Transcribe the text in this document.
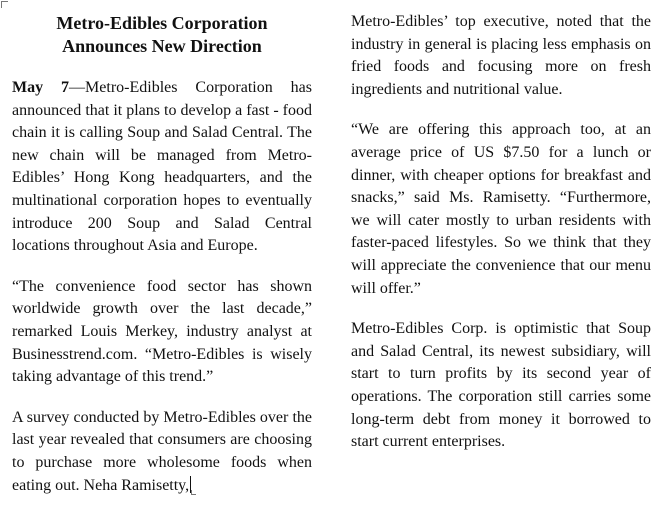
Metro-Edibles Corporation
Announces New Direction

May 7—Metro-Edibles Corporation has announced that it plans to develop a fast - food chain it is calling Soup and Salad Central. The new chain will be managed from Metro-Edibles’ Hong Kong headquarters, and the multinational corporation hopes to eventually introduce 200 Soup and Salad Central locations throughout Asia and Europe.

“The convenience food sector has shown worldwide growth over the last decade,” remarked Louis Merkey, industry analyst at Businesstrend.com. “Metro-Edibles is wisely taking advantage of this trend.”

A survey conducted by Metro-Edibles over the last year revealed that consumers are choosing to purchase more wholesome foods when eating out. Neha Ramisetty,

Metro-Edibles’ top executive, noted that the industry in general is placing less emphasis on fried foods and focusing more on fresh ingredients and nutritional value.

“We are offering this approach too, at an average price of US $7.50 for a lunch or dinner, with cheaper options for breakfast and snacks,” said Ms. Ramisetty. “Furthermore, we will cater mostly to urban residents with faster-paced lifestyles. So we think that they will appreciate the convenience that our menu will offer.”

Metro-Edibles Corp. is optimistic that Soup and Salad Central, its newest subsidiary, will start to turn profits by its second year of operations. The corporation still carries some long-term debt from money it borrowed to start current enterprises.
